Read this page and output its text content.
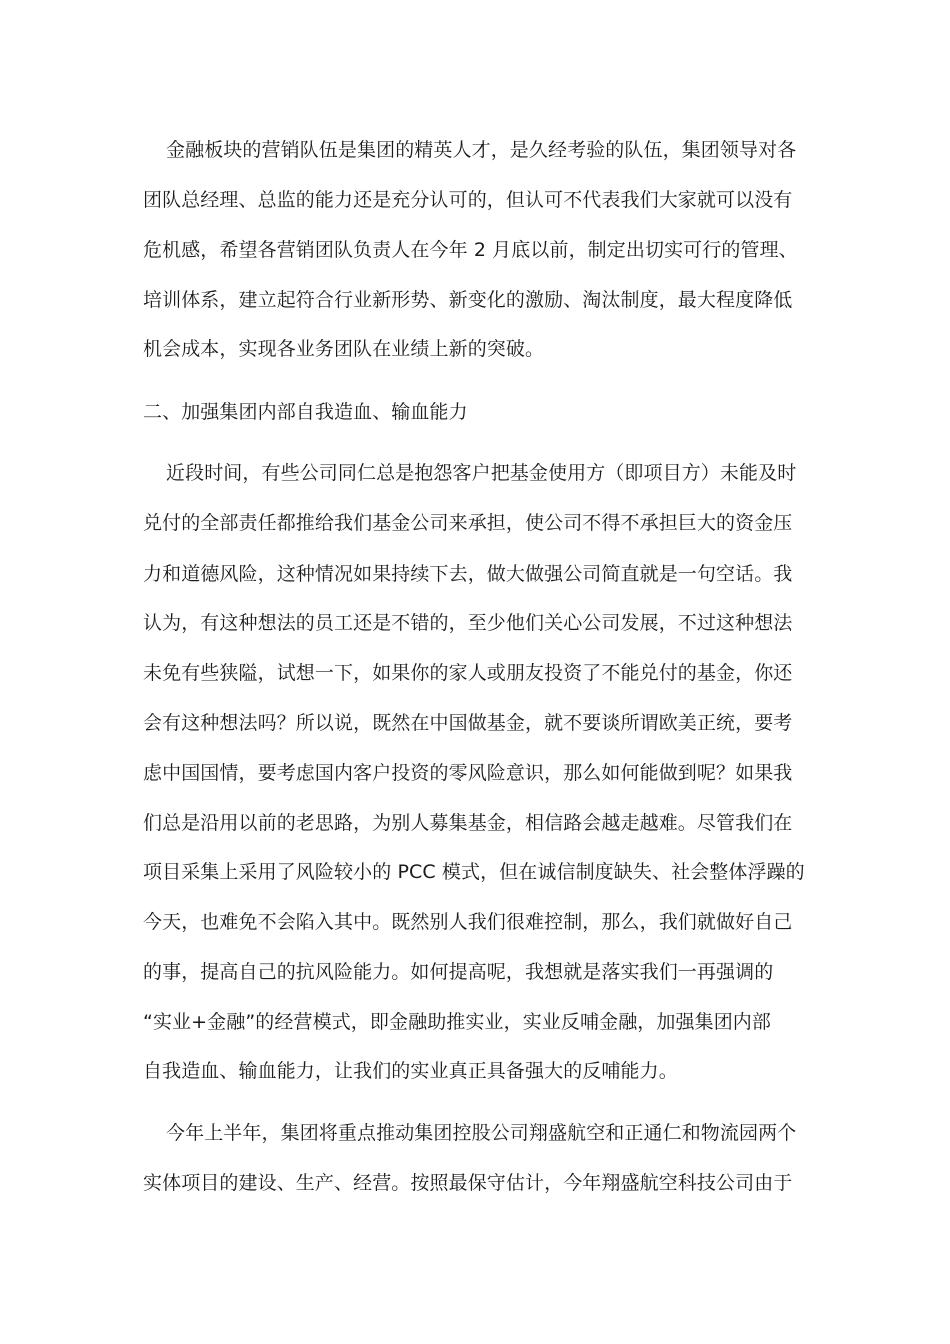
金融板块的营销队伍是集团的精英人才，是久经考验的队伍，集团领导对各
团队总经理、总监的能力还是充分认可的，但认可不代表我们大家就可以没有
危机感，希望各营销团队负责人在今年 2 月底以前，制定出切实可行的管理、
培训体系，建立起符合行业新形势、新变化的激励、淘汰制度，最大程度降低
机会成本，实现各业务团队在业绩上新的突破。
二、加强集团内部自我造血、输血能力
近段时间，有些公司同仁总是抱怨客户把基金使用方（即项目方）未能及时
兑付的全部责任都推给我们基金公司来承担，使公司不得不承担巨大的资金压
力和道德风险，这种情况如果持续下去，做大做强公司简直就是一句空话。我
认为，有这种想法的员工还是不错的，至少他们关心公司发展，不过这种想法
未免有些狭隘，试想一下，如果你的家人或朋友投资了不能兑付的基金，你还
会有这种想法吗？所以说，既然在中国做基金，就不要谈所谓欧美正统，要考
虑中国国情，要考虑国内客户投资的零风险意识，那么如何能做到呢？如果我
们总是沿用以前的老思路，为别人募集基金，相信路会越走越难。尽管我们在
项目采集上采用了风险较小的 PCC 模式，但在诚信制度缺失、社会整体浮躁的
今天，也难免不会陷入其中。既然别人我们很难控制，那么，我们就做好自己
的事，提高自己的抗风险能力。如何提高呢，我想就是落实我们一再强调的
“实业+金融”的经营模式，即金融助推实业，实业反哺金融，加强集团内部
自我造血、输血能力，让我们的实业真正具备强大的反哺能力。
今年上半年，集团将重点推动集团控股公司翔盛航空和正通仁和物流园两个
实体项目的建设、生产、经营。按照最保守估计，今年翔盛航空科技公司由于
